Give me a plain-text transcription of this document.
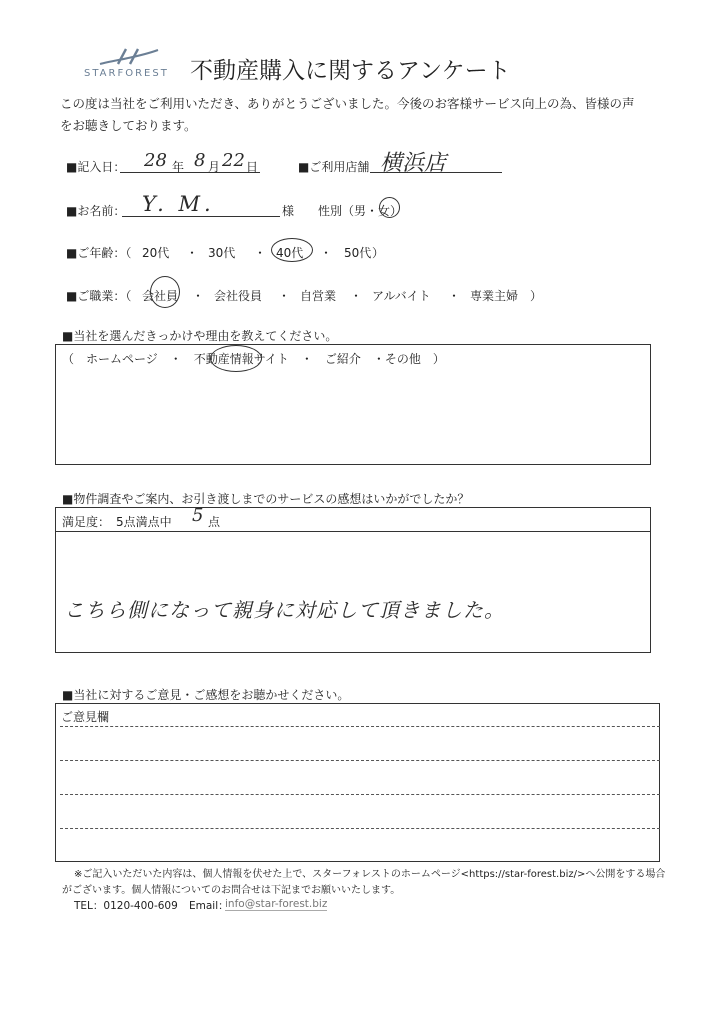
STARFOREST 不動産購入に関するアンケート
この度は当社をご利用いただき、ありがとうございました。今後のお客様サービス向上の為、皆様の声
をお聴きしております。
■記入日： 28 年 8 月 22 日	■ご利用店舗 横浜店
■お名前： Y. M.	様 性別（男・女）
■ご年齢：（ 20代 ・ 30代 ・ 40代 ・ 50代 ）
■ご職業：（ 会社員 ・ 会社役員 ・ 自営業 ・ アルバイト ・ 専業主婦 ）
■当社を選んだきっかけや理由を教えてください。
（　ホームページ　・　不動産情報サイト　・　ご紹介　・その他　）
■物件調査やご案内、お引き渡しまでのサービスの感想はいかがでしたか？
満足度：　5点満点中 5 点
こちら側になって親身に対応して頂きました。
■当社に対するご意見・ご感想をお聴かせください。
ご意見欄
※ご記入いただいた内容は、個人情報を伏せた上で、スターフォレストのホームページ<https://star-forest.biz/>へ公開をする場合
がございます。個人情報についてのお問合せは下記までお願いいたします。
TEL：0120-400-609 Email：
info@star-forest.biz
